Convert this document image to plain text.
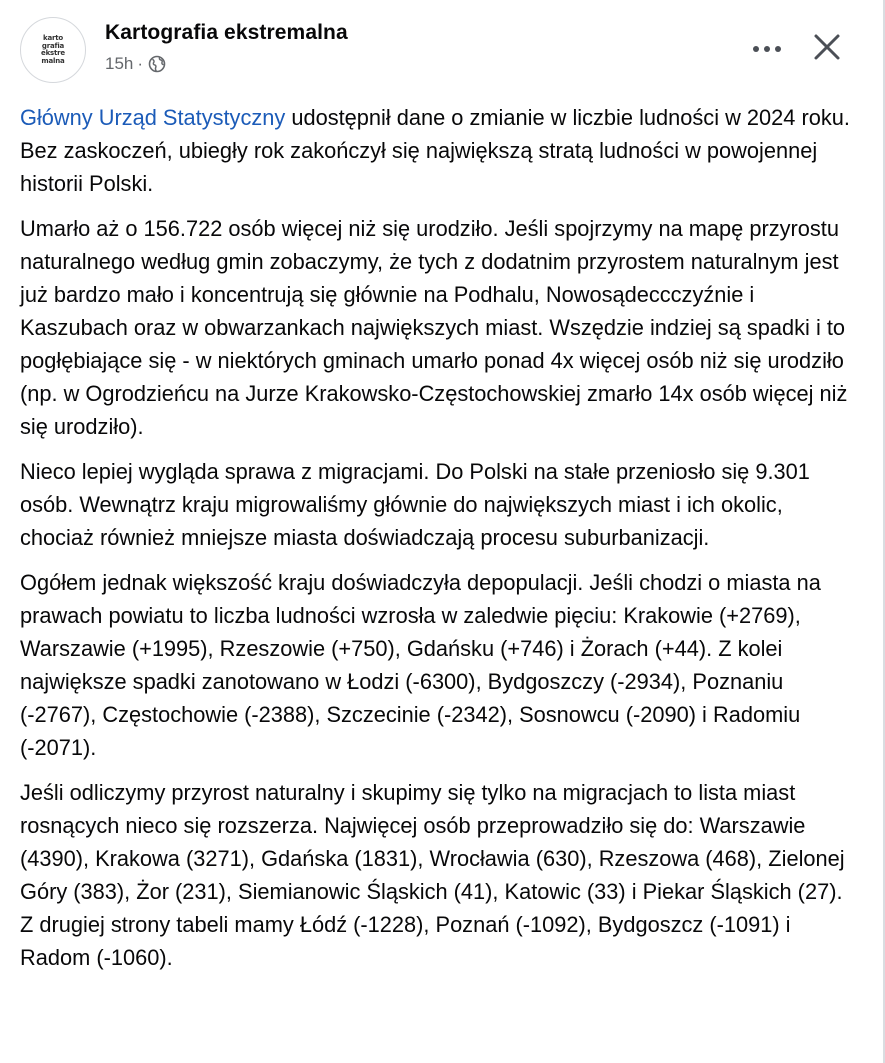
karto
grafia
ekstre
malna
Kartografia ekstremalna
15h ·

Główny Urząd Statystyczny udostępnił dane o zmianie w liczbie ludności w 2024 roku. Bez zaskoczeń, ubiegły rok zakończył się największą stratą ludności w powojennej historii Polski.

Umarło aż o 156.722 osób więcej niż się urodziło. Jeśli spojrzymy na mapę przyrostu naturalnego według gmin zobaczymy, że tych z dodatnim przyrostem naturalnym jest już bardzo mało i koncentrują się głównie na Podhalu, Nowosądeccczyźnie i Kaszubach oraz w obwarzankach największych miast. Wszędzie indziej są spadki i to pogłębiające się - w niektórych gminach umarło ponad 4x więcej osób niż się urodziło (np. w Ogrodzieńcu na Jurze Krakowsko-Częstochowskiej zmarło 14x osób więcej niż się urodziło).

Nieco lepiej wygląda sprawa z migracjami. Do Polski na stałe przeniosło się 9.301 osób. Wewnątrz kraju migrowaliśmy głównie do największych miast i ich okolic, chociaż również mniejsze miasta doświadczają procesu suburbanizacji.

Ogółem jednak większość kraju doświadczyła depopulacji. Jeśli chodzi o miasta na prawach powiatu to liczba ludności wzrosła w zaledwie pięciu: Krakowie (+2769), Warszawie (+1995), Rzeszowie (+750), Gdańsku (+746) i Żorach (+44). Z kolei największe spadki zanotowano w Łodzi (-6300), Bydgoszczy (-2934), Poznaniu (-2767), Częstochowie (-2388), Szczecinie (-2342), Sosnowcu (-2090) i Radomiu (-2071).

Jeśli odliczymy przyrost naturalny i skupimy się tylko na migracjach to lista miast rosnących nieco się rozszerza. Najwięcej osób przeprowadziło się do: Warszawie (4390), Krakowa (3271), Gdańska (1831), Wrocławia (630), Rzeszowa (468), Zielonej Góry (383), Żor (231), Siemianowic Śląskich (41), Katowic (33) i Piekar Śląskich (27). Z drugiej strony tabeli mamy Łódź (-1228), Poznań (-1092), Bydgoszcz (-1091) i Radom (-1060).
